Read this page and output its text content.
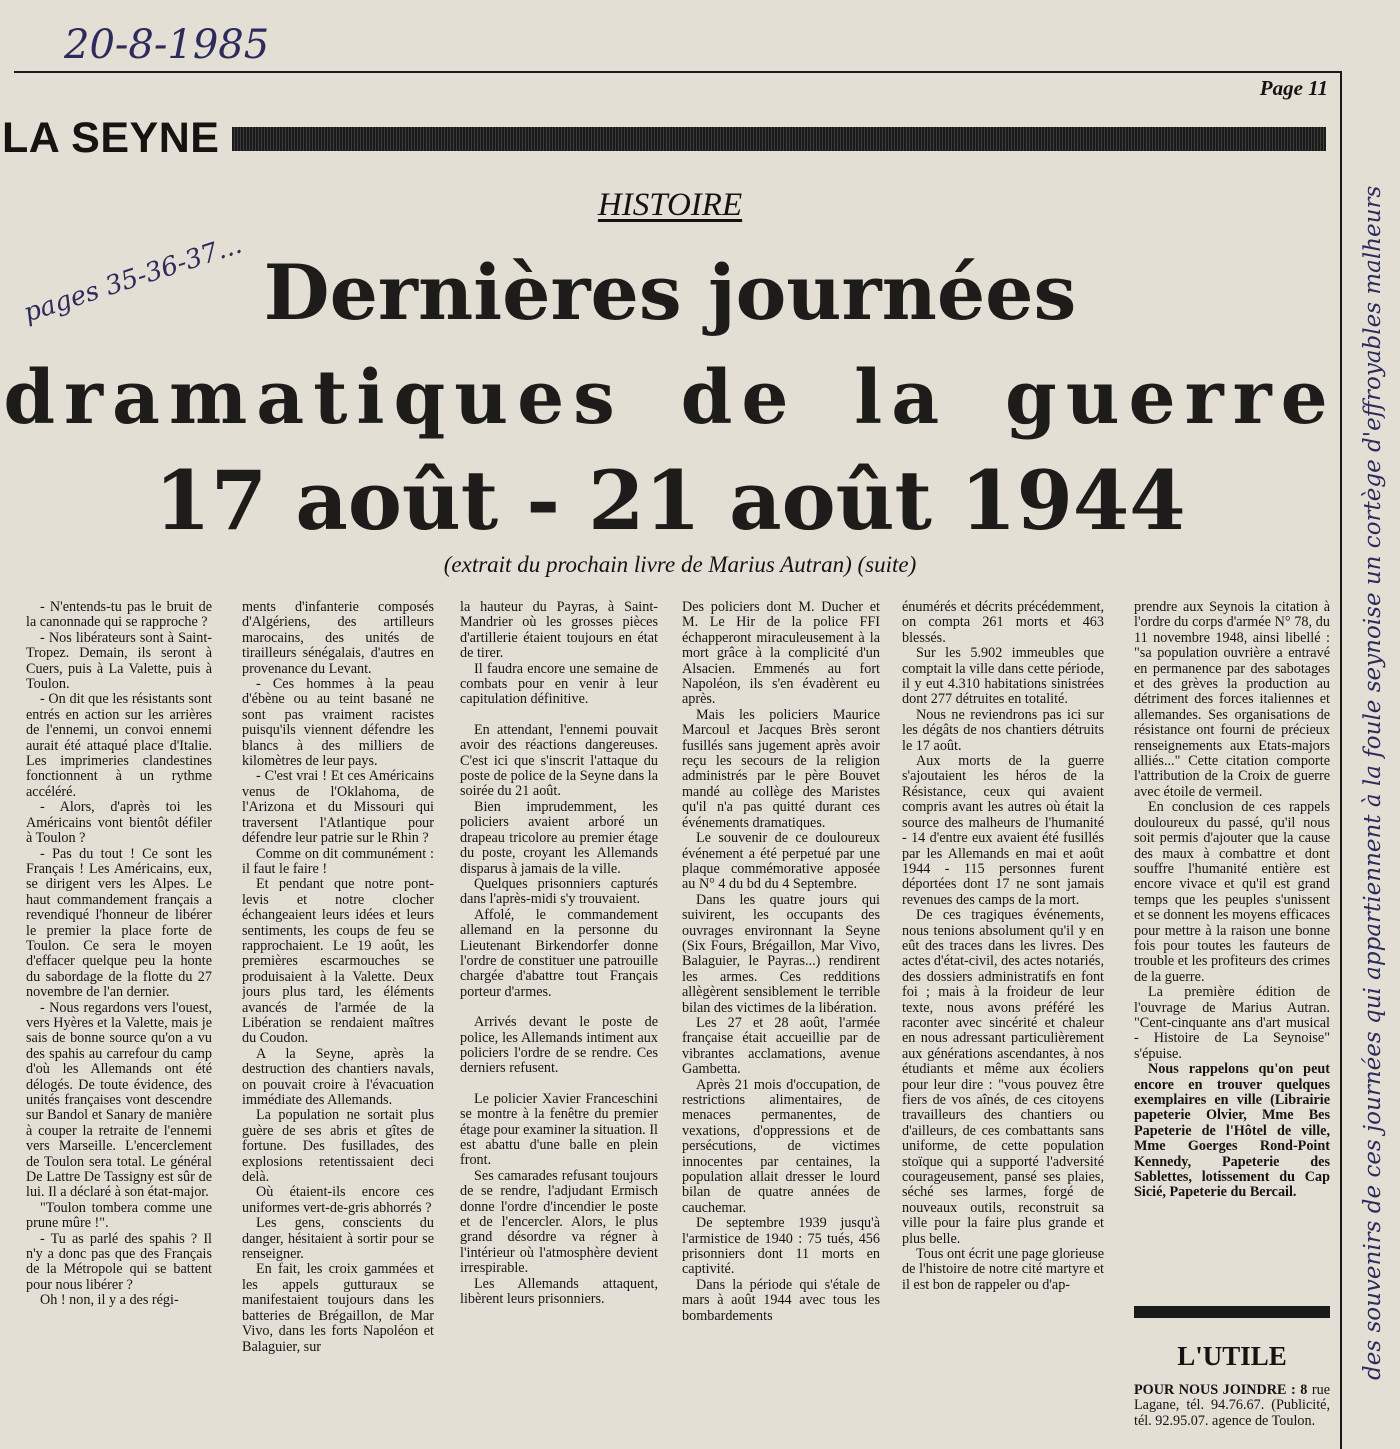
20-8-1985
pages 35-36-37...	des souvenirs de ces journées qui appartiennent à la foule seynoise un cortège d'effroyables malheurs
Page 11
LA SEYNE
HISTOIRE
Dernières journées
dramatiques de la guerre
17 août - 21 août 1944
(extrait du prochain livre de Marius Autran) (suite)

- N'entends-tu pas le bruit de la canonnade qui se rapproche ?

- Nos libérateurs sont à Saint-Tropez. Demain, ils seront à Cuers, puis à La Valette, puis à Toulon.

- On dit que les résistants sont entrés en action sur les arrières de l'ennemi, un convoi ennemi aurait été attaqué place d'Italie. Les imprimeries clandestines fonctionnent à un rythme accéléré.

- Alors, d'après toi les Américains vont bientôt défiler à Toulon ?

- Pas du tout ! Ce sont les Français ! Les Américains, eux, se dirigent vers les Alpes. Le haut commandement français a revendiqué l'honneur de libérer le premier la place forte de Toulon. Ce sera le moyen d'effacer quelque peu la honte du sabordage de la flotte du 27 novembre de l'an dernier.

- Nous regardons vers l'ouest, vers Hyères et la Valette, mais je sais de bonne source qu'on a vu des spahis au carrefour du camp d'où les Allemands ont été délogés. De toute évidence, des unités françaises vont descendre sur Bandol et Sanary de manière à couper la retraite de l'ennemi vers Marseille. L'encerclement de Toulon sera total. Le général De Lattre De Tassigny est sûr de lui. Il a déclaré à son état-major.

"Toulon tombera comme une prune mûre !".

- Tu as parlé des spahis ? Il n'y a donc pas que des Français de la Métropole qui se battent pour nous libérer ?

Oh ! non, il y a des régi-

ments d'infanterie composés d'Algériens, des artilleurs marocains, des unités de tirailleurs sénégalais, d'autres en provenance du Levant.

- Ces hommes à la peau d'ébène ou au teint basané ne sont pas vraiment racistes puisqu'ils viennent défendre les blancs à des milliers de kilomètres de leur pays.

- C'est vrai ! Et ces Américains venus de l'Oklahoma, de l'Arizona et du Missouri qui traversent l'Atlantique pour défendre leur patrie sur le Rhin ?

Comme on dit communément : il faut le faire !

Et pendant que notre pont-levis et notre clocher échangeaient leurs idées et leurs sentiments, les coups de feu se rapprochaient. Le 19 août, les premières escarmouches se produisaient à la Valette. Deux jours plus tard, les éléments avancés de l'armée de la Libération se rendaient maîtres du Coudon.

A la Seyne, après la destruction des chantiers navals, on pouvait croire à l'évacuation immédiate des Allemands.

La population ne sortait plus guère de ses abris et gîtes de fortune. Des fusillades, des explosions retentissaient deci delà.

Où étaient-ils encore ces uniformes vert-de-gris abhorrés ?

Les gens, conscients du danger, hésitaient à sortir pour se renseigner.

En fait, les croix gammées et les appels gutturaux se manifestaient toujours dans les batteries de Brégaillon, de Mar Vivo, dans les forts Napoléon et Balaguier, sur

la hauteur du Payras, à Saint-Mandrier où les grosses pièces d'artillerie étaient toujours en état de tirer.

Il faudra encore une semaine de combats pour en venir à leur capitulation définitive.

En attendant, l'ennemi pouvait avoir des réactions dangereuses. C'est ici que s'inscrit l'attaque du poste de police de la Seyne dans la soirée du 21 août.

Bien imprudemment, les policiers avaient arboré un drapeau tricolore au premier étage du poste, croyant les Allemands disparus à jamais de la ville.

Quelques prisonniers capturés dans l'après-midi s'y trouvaient.

Affolé, le commandement allemand en la personne du Lieutenant Birkendorfer donne l'ordre de constituer une patrouille chargée d'abattre tout Français porteur d'armes.

Arrivés devant le poste de police, les Allemands intiment aux policiers l'ordre de se rendre. Ces derniers refusent.

Le policier Xavier Franceschini se montre à la fenêtre du premier étage pour examiner la situation. Il est abattu d'une balle en plein front.

Ses camarades refusant toujours de se rendre, l'adjudant Ermisch donne l'ordre d'incendier le poste et de l'encercler. Alors, le plus grand désordre va régner à l'intérieur où l'atmosphère devient irrespirable.

Les Allemands attaquent, libèrent leurs prisonniers.

Des policiers dont M. Ducher et M. Le Hir de la police FFI échapperont miraculeusement à la mort grâce à la complicité d'un Alsacien. Emmenés au fort Napoléon, ils s'en évadèrent eu après.

Mais les policiers Maurice Marcoul et Jacques Brès seront fusillés sans jugement après avoir reçu les secours de la religion administrés par le père Bouvet mandé au collège des Maristes qu'il n'a pas quitté durant ces événements dramatiques.

Le souvenir de ce douloureux événement a été perpetué par une plaque commémorative apposée au N° 4 du bd du 4 Septembre.

Dans les quatre jours qui suivirent, les occupants des ouvrages environnant la Seyne (Six Fours, Brégaillon, Mar Vivo, Balaguier, le Payras...) rendirent les armes. Ces redditions allègèrent sensiblement le terrible bilan des victimes de la libération.

Les 27 et 28 août, l'armée française était accueillie par de vibrantes acclamations, avenue Gambetta.

Après 21 mois d'occupation, de restrictions alimentaires, de menaces permanentes, de vexations, d'oppressions et de persécutions, de victimes innocentes par centaines, la population allait dresser le lourd bilan de quatre années de cauchemar.

De septembre 1939 jusqu'à l'armistice de 1940 : 75 tués, 456 prisonniers dont 11 morts en captivité.

Dans la période qui s'étale de mars à août 1944 avec tous les bombardements

énumérés et décrits précédemment, on compta 261 morts et 463 blessés.

Sur les 5.902 immeubles que comptait la ville dans cette période, il y eut 4.310 habitations sinistrées dont 277 détruites en totalité.

Nous ne reviendrons pas ici sur les dégâts de nos chantiers détruits le 17 août.

Aux morts de la guerre s'ajoutaient les héros de la Résistance, ceux qui avaient compris avant les autres où était la source des malheurs de l'humanité - 14 d'entre eux avaient été fusillés par les Allemands en mai et août 1944 - 115 personnes furent déportées dont 17 ne sont jamais revenues des camps de la mort.

De ces tragiques événements, nous tenions absolument qu'il y en eût des traces dans les livres. Des actes d'état-civil, des actes notariés, des dossiers administratifs en font foi ; mais à la froideur de leur texte, nous avons préféré les raconter avec sincérité et chaleur en nous adressant particulièrement aux générations ascendantes, à nos étudiants et même aux écoliers pour leur dire : "vous pouvez être fiers de vos aînés, de ces citoyens travailleurs des chantiers ou d'ailleurs, de ces combattants sans uniforme, de cette population stoïque qui a supporté l'adversité courageusement, pansé ses plaies, séché ses larmes, forgé de nouveaux outils, reconstruit sa ville pour la faire plus grande et plus belle.

Tous ont écrit une page glorieuse de l'histoire de notre cité martyre et il est bon de rappeler ou d'ap-

prendre aux Seynois la citation à l'ordre du corps d'armée N° 78, du 11 novembre 1948, ainsi libellé : "sa population ouvrière a entravé en permanence par des sabotages et des grèves la production au détriment des forces italiennes et allemandes. Ses organisations de résistance ont fourni de précieux renseignements aux Etats-majors alliés..." Cette citation comporte l'attribution de la Croix de guerre avec étoile de vermeil.

En conclusion de ces rappels douloureux du passé, qu'il nous soit permis d'ajouter que la cause des maux à combattre et dont souffre l'humanité entière est encore vivace et qu'il est grand temps que les peuples s'unissent et se donnent les moyens efficaces pour mettre à la raison une bonne fois pour toutes les fauteurs de trouble et les profiteurs des crimes de la guerre.

La première édition de l'ouvrage de Marius Autran. "Cent-cinquante ans d'art musical - Histoire de La Seynoise" s'épuise.

Nous rappelons qu'on peut encore en trouver quelques exemplaires en ville (Librairie papeterie Olvier, Mme Bes Papeterie de l'Hôtel de ville, Mme Goerges Rond-Point Kennedy, Papeterie des Sablettes, lotissement du Cap Sicié, Papeterie du Bercail.

L'UTILE
POUR NOUS JOINDRE : 8 rue Lagane, tél. 94.76.67. (Publicité, tél. 92.95.07. agence de Toulon.
